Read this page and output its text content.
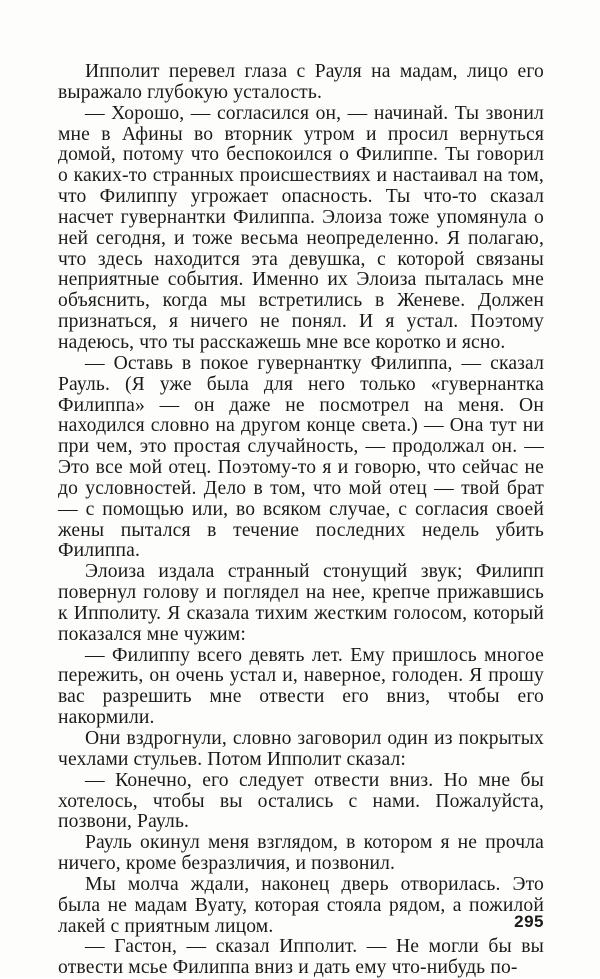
Ипполит перевел глаза с Рауля на мадам, лицо его выражало глубокую усталость.

— Хорошо, — согласился он, — начинай. Ты звонил мне в Афины во вторник утром и просил вернуться домой, потому что беспокоился о Филиппе. Ты говорил о каких-то странных происшествиях и настаивал на том, что Филиппу угрожает опасность. Ты что-то сказал насчет гувернантки Филиппа. Элоиза тоже упомянула о ней сегодня, и тоже весьма неопределенно. Я полагаю, что здесь находится эта девушка, с которой связаны неприятные события. Именно их Элоиза пыталась мне объяснить, когда мы встретились в Женеве. Должен признаться, я ничего не понял. И я устал. Поэтому надеюсь, что ты расскажешь мне все коротко и ясно.

— Оставь в покое гувернантку Филиппа, — сказал Рауль. (Я уже была для него только «гувернантка Филиппа» — он даже не посмотрел на меня. Он находился словно на другом конце света.) — Она тут ни при чем, это простая случайность, — продолжал он. — Это все мой отец. Поэтому-то я и говорю, что сейчас не до условностей. Дело в том, что мой отец — твой брат — с помощью или, во всяком случае, с согласия своей жены пытался в течение последних недель убить Филиппа.

Элоиза издала странный стонущий звук; Филипп повернул голову и поглядел на нее, крепче прижавшись к Ипполиту. Я сказала тихим жестким голосом, который показался мне чужим:

— Филиппу всего девять лет. Ему пришлось многое пережить, он очень устал и, наверное, голоден. Я прошу вас разрешить мне отвести его вниз, чтобы его накормили.

Они вздрогнули, словно заговорил один из покрытых чехлами стульев. Потом Ипполит сказал:

— Конечно, его следует отвести вниз. Но мне бы хотелось, чтобы вы остались с нами. Пожалуйста, позвони, Рауль.

Рауль окинул меня взглядом, в котором я не прочла ничего, кроме безразличия, и позвонил.

Мы молча ждали, наконец дверь отворилась. Это была не мадам Вуату, которая стояла рядом, а пожилой лакей с приятным лицом.

— Гастон, — сказал Ипполит. — Не могли бы вы отвести мсье Филиппа вниз и дать ему что-нибудь по-

295
